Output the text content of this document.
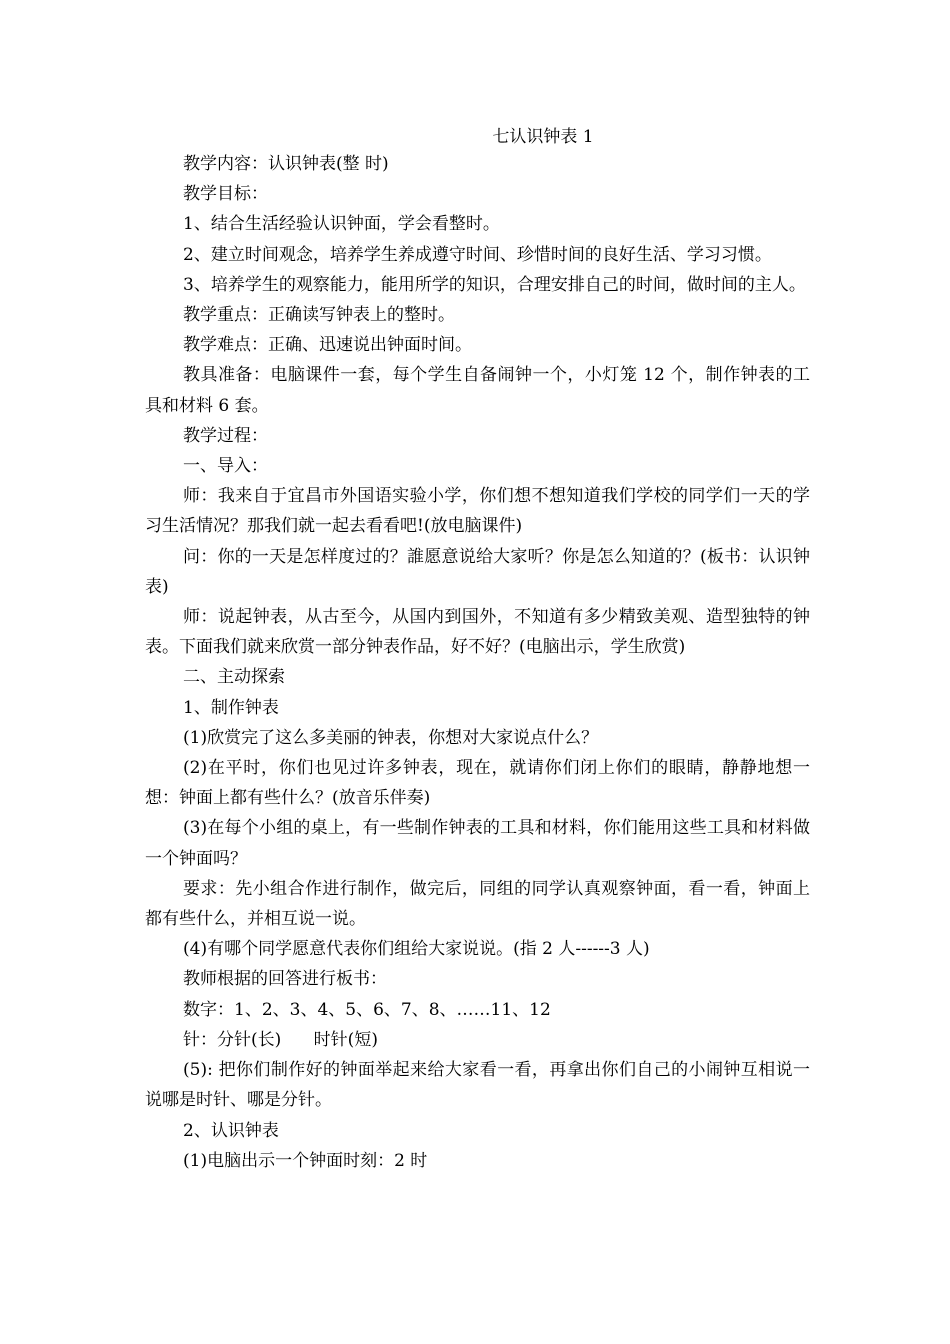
七认识钟表 1

教学内容：认识钟表(整 时)

教学目标：

1、结合生活经验认识钟面，学会看整时。

2、建立时间观念，培养学生养成遵守时间、珍惜时间的良好生活、学习习惯。

3、培养学生的观察能力，能用所学的知识，合理安排自己的时间，做时间的主人。

教学重点：正确读写钟表上的整时。

教学难点：正确、迅速说出钟面时间。

教具准备：电脑课件一套，每个学生自备闹钟一个，小灯笼 12 个，制作钟表的工具和材料 6 套。

教学过程：

一、导入：

师：我来自于宜昌市外国语实验小学，你们想不想知道我们学校的同学们一天的学习生活情况？那我们就一起去看看吧!(放电脑课件)

问：你的一天是怎样度过的？誰愿意说给大家听？你是怎么知道的？(板书：认识钟表)

师：说起钟表，从古至今，从国内到国外，不知道有多少精致美观、造型独特的钟表。下面我们就来欣赏一部分钟表作品，好不好？(电脑出示，学生欣赏)

二、主动探索

1、制作钟表

(1)欣赏完了这么多美丽的钟表，你想对大家说点什么？

(2)在平时，你们也见过许多钟表，现在，就请你们闭上你们的眼睛，静静地想一想：钟面上都有些什么？(放音乐伴奏)

(3)在每个小组的桌上，有一些制作钟表的工具和材料，你们能用这些工具和材料做一个钟面吗？

要求：先小组合作进行制作，做完后，同组的同学认真观察钟面，看一看，钟面上都有些什么，并相互说一说。

(4)有哪个同学愿意代表你们组给大家说说。(指 2 人------3 人)

教师根据的回答进行板书：

数字：1、2、3、4、5、6、7、8、……11、12

针：分针(长)      时针(短)

(5): 把你们制作好的钟面举起来给大家看一看，再拿出你们自己的小闹钟互相说一说哪是时针、哪是分针。

2、认识钟表

(1)电脑出示一个钟面时刻：2 时
